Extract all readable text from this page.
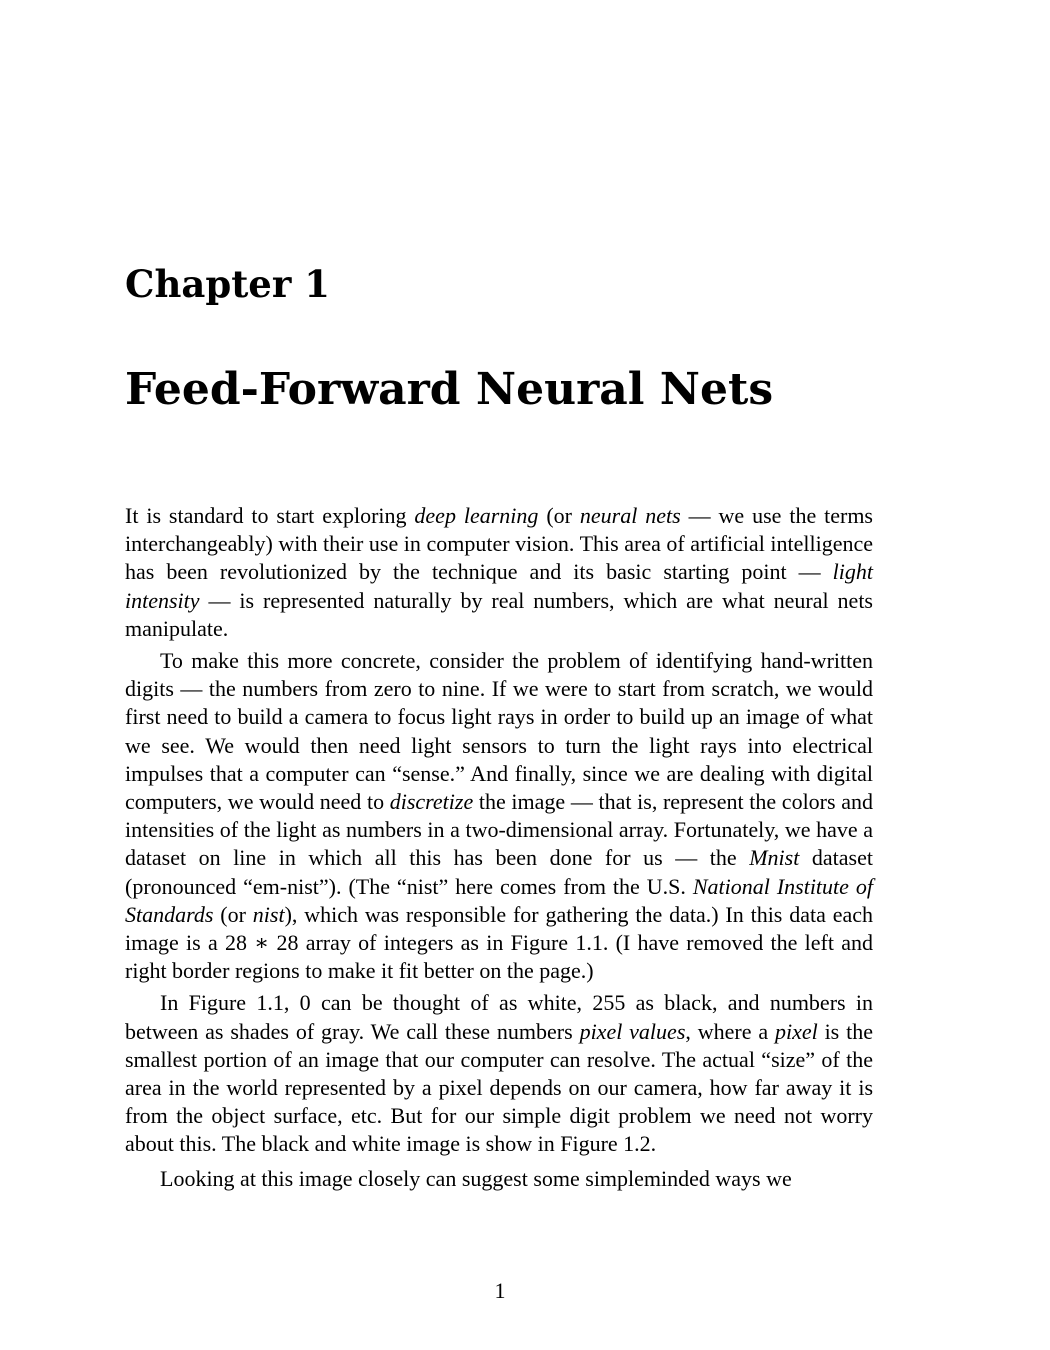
Chapter 1
Feed-Forward Neural Nets

It is standard to start exploring deep learning (or neural nets — we use the terms interchangeably) with their use in computer vision. This area of artificial intelligence has been revolutionized by the technique and its basic starting point — light intensity — is represented naturally by real numbers, which are what neural nets manipulate.

To make this more concrete, consider the problem of identifying hand-written digits — the numbers from zero to nine. If we were to start from scratch, we would first need to build a camera to focus light rays in order to build up an image of what we see. We would then need light sensors to turn the light rays into electrical impulses that a computer can “sense.” And finally, since we are dealing with digital computers, we would need to discretize the image — that is, represent the colors and intensities of the light as numbers in a two-dimensional array. Fortunately, we have a dataset on line in which all this has been done for us — the Mnist dataset (pronounced “em-nist”). (The “nist” here comes from the U.S. National Institute of Standards (or nist), which was responsible for gathering the data.) In this data each image is a 28 ∗ 28 array of integers as in Figure 1.1. (I have removed the left and right border regions to make it fit better on the page.)

In Figure 1.1, 0 can be thought of as white, 255 as black, and numbers in between as shades of gray. We call these numbers pixel values, where a pixel is the smallest portion of an image that our computer can resolve. The actual “size” of the area in the world represented by a pixel depends on our camera, how far away it is from the object surface, etc. But for our simple digit problem we need not worry about this. The black and white image is show in Figure 1.2.

Looking at this image closely can suggest some simpleminded ways we

1
